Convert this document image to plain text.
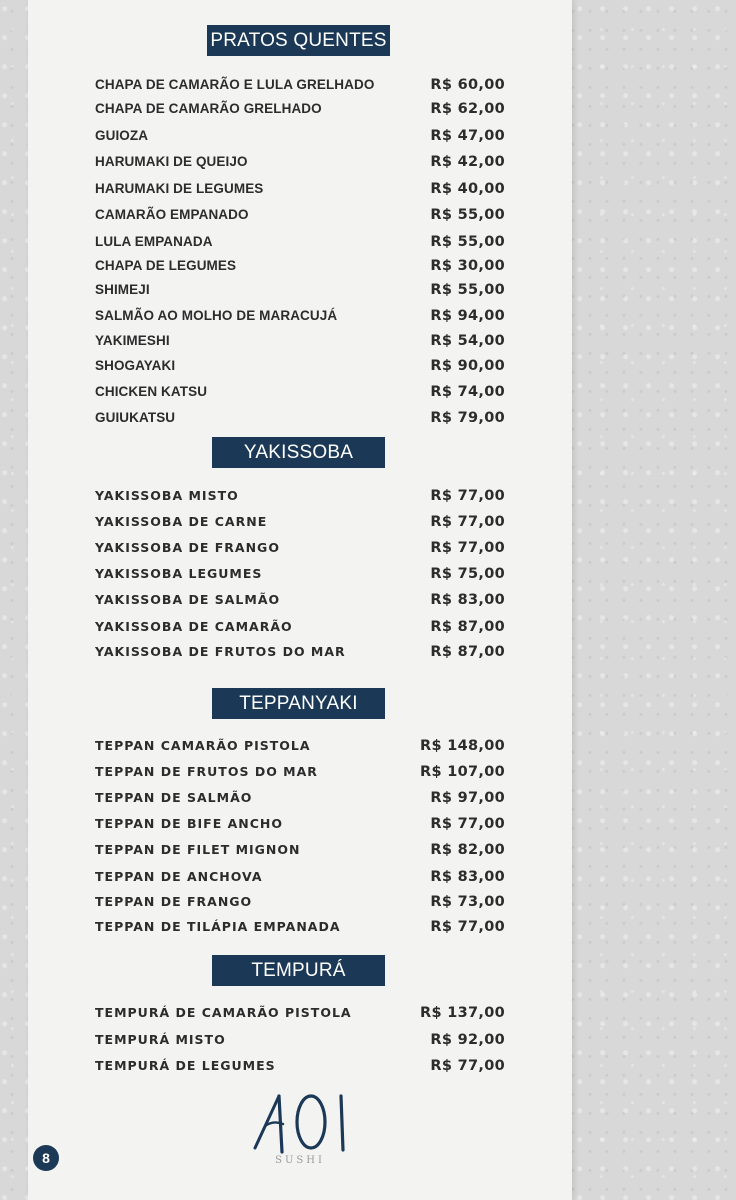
PRATOS QUENTES
YAKISSOBA
TEPPANYAKI
TEMPURÁ
CHAPA DE CAMARÃO E LULA GRELHADO	R$ 60,00
CHAPA DE CAMARÃO GRELHADO	R$ 62,00
GUIOZA	R$ 47,00
HARUMAKI DE QUEIJO	R$ 42,00
HARUMAKI DE LEGUMES	R$ 40,00
CAMARÃO EMPANADO	R$ 55,00
LULA EMPANADA	R$ 55,00
CHAPA DE LEGUMES	R$ 30,00
SHIMEJI	R$ 55,00
SALMÃO AO MOLHO DE MARACUJÁ	R$ 94,00
YAKIMESHI	R$ 54,00
SHOGAYAKI	R$ 90,00
CHICKEN KATSU	R$ 74,00
GUIUKATSU	R$ 79,00
YAKISSOBA MISTO	R$ 77,00
YAKISSOBA DE CARNE	R$ 77,00
YAKISSOBA DE FRANGO	R$ 77,00
YAKISSOBA LEGUMES	R$ 75,00
YAKISSOBA DE SALMÃO	R$ 83,00
YAKISSOBA DE CAMARÃO	R$ 87,00
YAKISSOBA DE FRUTOS DO MAR	R$ 87,00
TEPPAN CAMARÃO PISTOLA	R$ 148,00
TEPPAN DE FRUTOS DO MAR	R$ 107,00
TEPPAN DE SALMÃO	R$ 97,00
TEPPAN DE BIFE ANCHO	R$ 77,00
TEPPAN DE FILET MIGNON	R$ 82,00
TEPPAN DE ANCHOVA	R$ 83,00
TEPPAN DE FRANGO	R$ 73,00
TEPPAN DE TILÁPIA EMPANADA	R$ 77,00
TEMPURÁ DE CAMARÃO PISTOLA	R$ 137,00
TEMPURÁ MISTO	R$ 92,00
TEMPURÁ DE LEGUMES	R$ 77,00
SUSHI
8
